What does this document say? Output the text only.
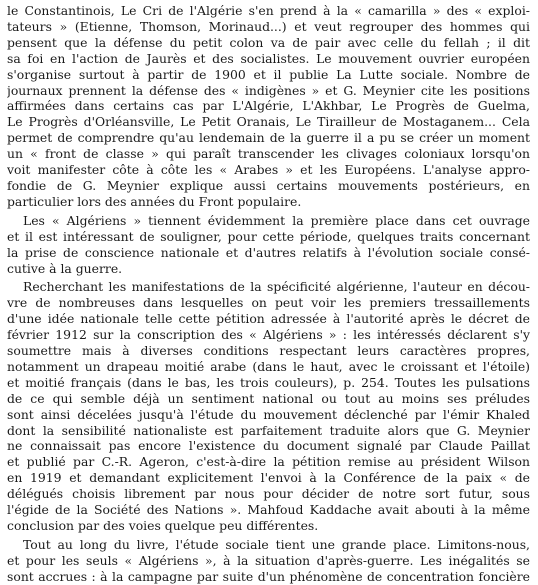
le Constantinois, Le Cri de l'Algérie s'en prend à la « camarilla » des « exploi-
tateurs » (Etienne, Thomson, Morinaud...) et veut regrouper des hommes qui
pensent que la défense du petit colon va de pair avec celle du fellah ; il dit
sa foi en l'action de Jaurès et des socialistes. Le mouvement ouvrier européen
s'organise surtout à partir de 1900 et il publie La Lutte sociale. Nombre de
journaux prennent la défense des « indigènes » et G. Meynier cite les positions
affirmées dans certains cas par L'Algérie, L'Akhbar, Le Progrès de Guelma,
Le Progrès d'Orléansville, Le Petit Oranais, Le Tirailleur de Mostaganem... Cela
permet de comprendre qu'au lendemain de la guerre il a pu se créer un moment
un « front de classe » qui paraît transcender les clivages coloniaux lorsqu'on
voit manifester côte à côte les « Arabes » et les Européens. L'analyse appro-
fondie de G. Meynier explique aussi certains mouvements postérieurs, en
particulier lors des années du Front populaire.
Les « Algériens » tiennent évidemment la première place dans cet ouvrage
et il est intéressant de souligner, pour cette période, quelques traits concernant
la prise de conscience nationale et d'autres relatifs à l'évolution sociale consé-
cutive à la guerre.
Recherchant les manifestations de la spécificité algérienne, l'auteur en décou-
vre de nombreuses dans lesquelles on peut voir les premiers tressaillements
d'une idée nationale telle cette pétition adressée à l'autorité après le décret de
février 1912 sur la conscription des « Algériens » : les intéressés déclarent s'y
soumettre mais à diverses conditions respectant leurs caractères propres,
notamment un drapeau moitié arabe (dans le haut, avec le croissant et l'étoile)
et moitié français (dans le bas, les trois couleurs), p. 254. Toutes les pulsations
de ce qui semble déjà un sentiment national ou tout au moins ses préludes
sont ainsi décelées jusqu'à l'étude du mouvement déclenché par l'émir Khaled
dont la sensibilité nationaliste est parfaitement traduite alors que G. Meynier
ne connaissait pas encore l'existence du document signalé par Claude Paillat
et publié par C.-R. Ageron, c'est-à-dire la pétition remise au président Wilson
en 1919 et demandant explicitement l'envoi à la Conférence de la paix « de
délégués choisis librement par nous pour décider de notre sort futur, sous
l'égide de la Société des Nations ». Mahfoud Kaddache avait abouti à la même
conclusion par des voies quelque peu différentes.
Tout au long du livre, l'étude sociale tient une grande place. Limitons-nous,
et pour les seuls « Algériens », à la situation d'après-guerre. Les inégalités se
sont accrues : à la campagne par suite d'un phénomène de concentration foncière
